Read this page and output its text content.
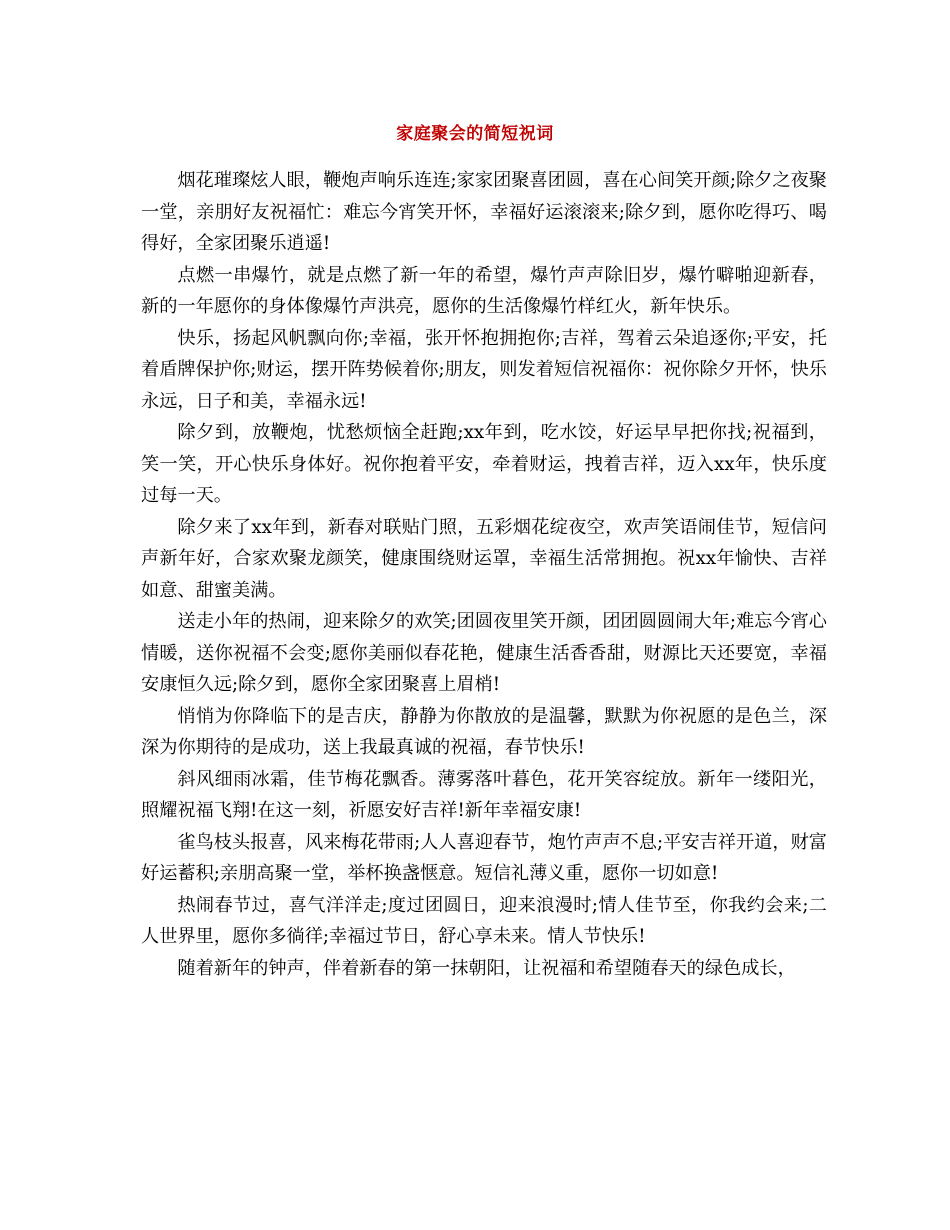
家庭聚会的简短祝词

烟花璀璨炫人眼，鞭炮声响乐连连;家家团聚喜团圆，喜在心间笑开颜;除夕之夜聚一堂，亲朋好友祝福忙：难忘今宵笑开怀，幸福好运滚滚来;除夕到，愿你吃得巧、喝得好，全家团聚乐逍遥!

点燃一串爆竹，就是点燃了新一年的希望，爆竹声声除旧岁，爆竹噼啪迎新春，新的一年愿你的身体像爆竹声洪亮，愿你的生活像爆竹样红火，新年快乐。

快乐，扬起风帆飘向你;幸福，张开怀抱拥抱你;吉祥，驾着云朵追逐你;平安，托着盾牌保护你;财运，摆开阵势候着你;朋友，则发着短信祝福你：祝你除夕开怀，快乐永远，日子和美，幸福永远!

除夕到，放鞭炮，忧愁烦恼全赶跑;xx年到，吃水饺，好运早早把你找;祝福到，笑一笑，开心快乐身体好。祝你抱着平安，牵着财运，拽着吉祥，迈入xx年，快乐度过每一天。

除夕来了xx年到，新春对联贴门照，五彩烟花绽夜空，欢声笑语闹佳节，短信问声新年好，合家欢聚龙颜笑，健康围绕财运罩，幸福生活常拥抱。祝xx年愉快、吉祥如意、甜蜜美满。

送走小年的热闹，迎来除夕的欢笑;团圆夜里笑开颜，团团圆圆闹大年;难忘今宵心情暖，送你祝福不会变;愿你美丽似春花艳，健康生活香香甜，财源比天还要宽，幸福安康恒久远;除夕到，愿你全家团聚喜上眉梢!

悄悄为你降临下的是吉庆，静静为你散放的是温馨，默默为你祝愿的是色兰，深深为你期待的是成功，送上我最真诚的祝福，春节快乐!

斜风细雨冰霜，佳节梅花飘香。薄雾落叶暮色，花开笑容绽放。新年一缕阳光，照耀祝福飞翔!在这一刻，祈愿安好吉祥!新年幸福安康!

雀鸟枝头报喜，风来梅花带雨;人人喜迎春节，炮竹声声不息;平安吉祥开道，财富好运蓄积;亲朋高聚一堂，举杯换盏惬意。短信礼薄义重，愿你一切如意!

热闹春节过，喜气洋洋走;度过团圆日，迎来浪漫时;情人佳节至，你我约会来;二人世界里，愿你多徜徉;幸福过节日，舒心享未来。情人节快乐!

随着新年的钟声，伴着新春的第一抹朝阳，让祝福和希望随春天的绿色成长，
